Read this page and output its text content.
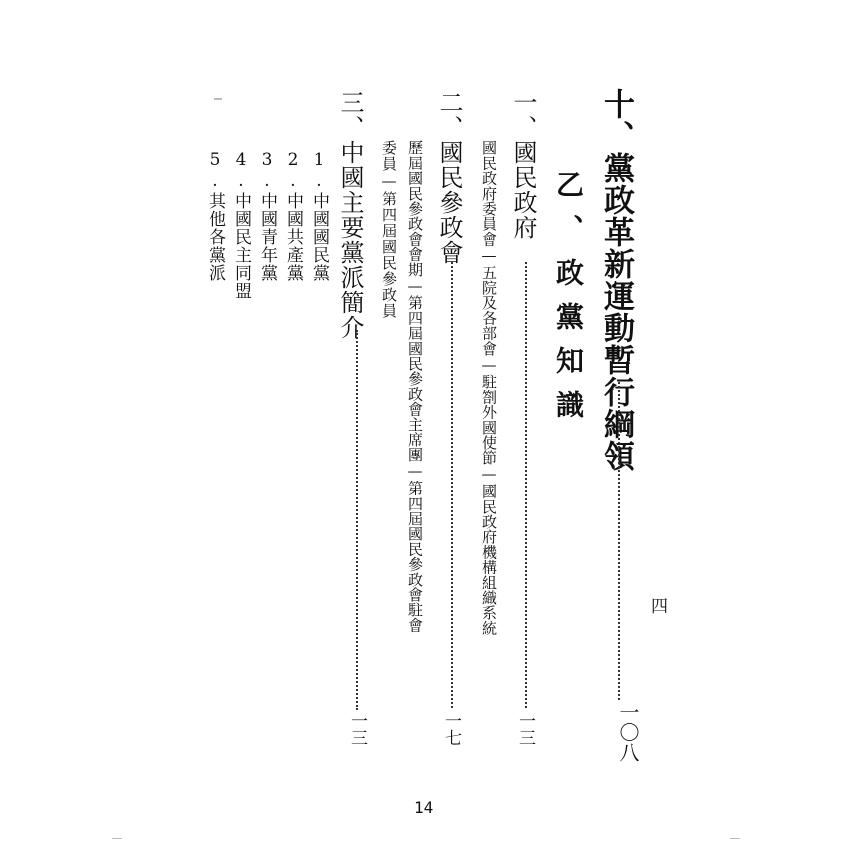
十、黨政革新運動暫行綱領
一〇八
四
乙、政黨知識
一、國民政府
一三
國民政府委員會—五院及各部會—駐劄外國使節—國民政府機構組織系統
二、國民參政會
一七
歷屆國民參政會會期—第四屆國民參政會主席團—第四屆國民參政會駐會
委員—第四屆國民參政員
三、中國主要黨派簡介
一三
1.中國國民黨
2.中國共產黨
3.中國青年黨
4.中國民主同盟
5.其他各黨派
14
